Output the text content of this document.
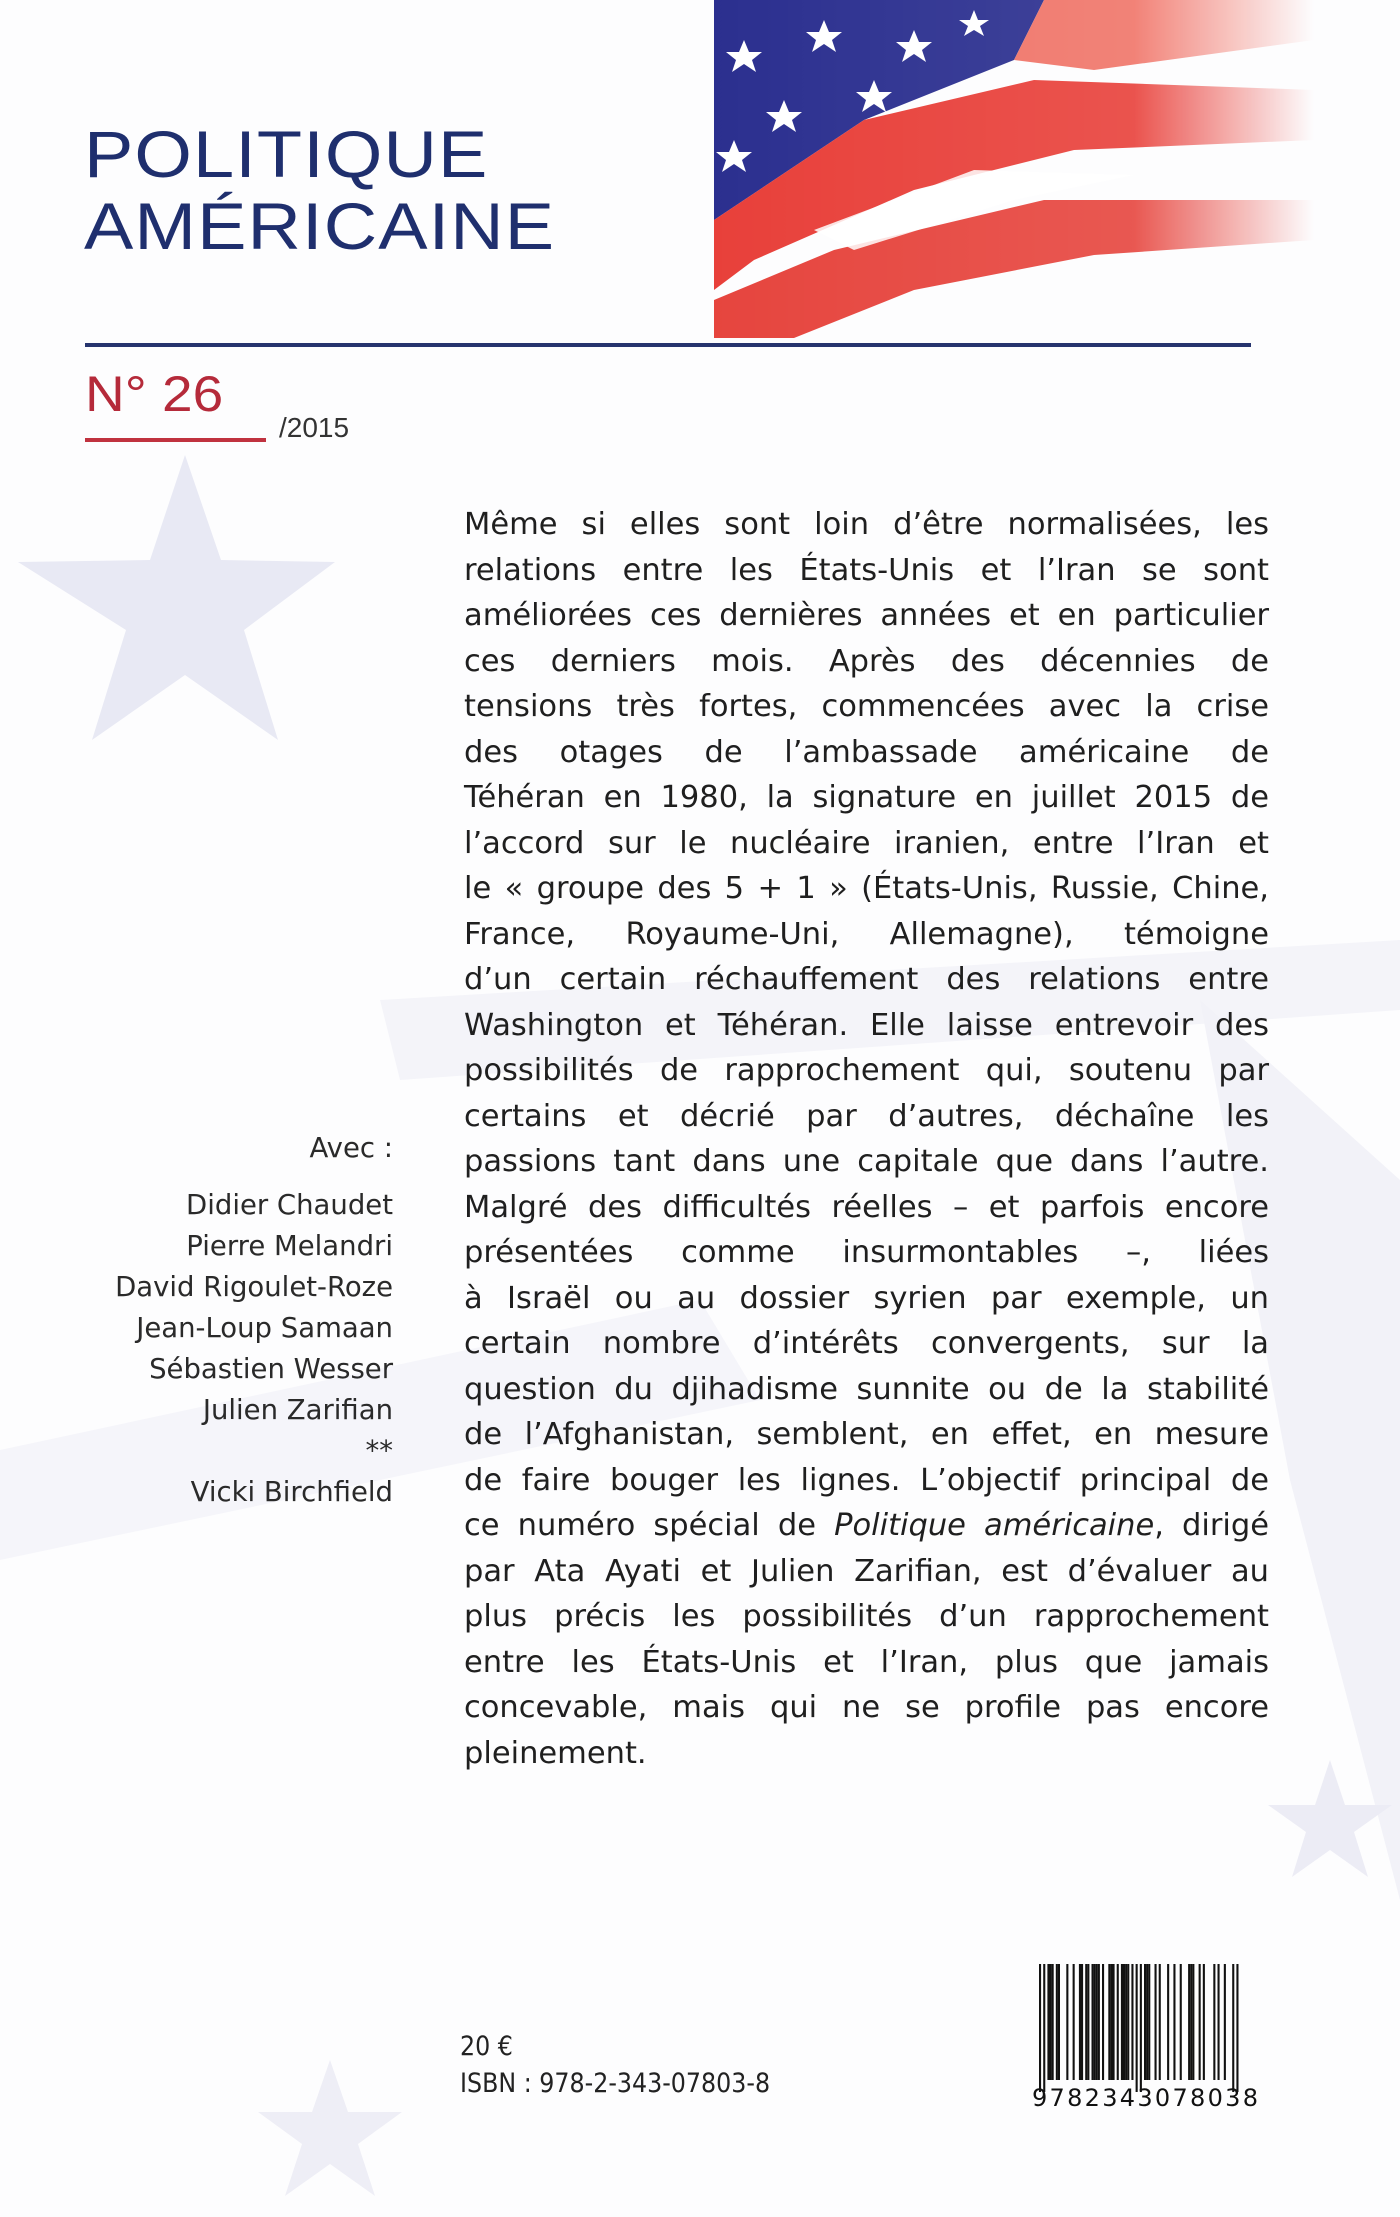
POLITIQUE
AMÉRICAINE
N° 26
/2015
Même si elles sont loin d’être normalisées, les
relations entre les États-Unis et l’Iran se sont
améliorées ces dernières années et en particulier
ces derniers mois. Après des décennies de
tensions très fortes, commencées avec la crise
des otages de l’ambassade américaine de
Téhéran en 1980, la signature en juillet 2015 de
l’accord sur le nucléaire iranien, entre l’Iran et
le « groupe des 5 + 1 » (États-Unis, Russie, Chine,
France, Royaume-Uni, Allemagne), témoigne
d’un certain réchauffement des relations entre
Washington et Téhéran. Elle laisse entrevoir des
possibilités de rapprochement qui, soutenu par
certains et décrié par d’autres, déchaîne les
passions tant dans une capitale que dans l’autre.
Malgré des difficultés réelles – et parfois encore
présentées comme insurmontables –, liées
à Israël ou au dossier syrien par exemple, un
certain nombre d’intérêts convergents, sur la
question du djihadisme sunnite ou de la stabilité
de l’Afghanistan, semblent, en effet, en mesure
de faire bouger les lignes. L’objectif principal de
ce numéro spécial de Politique américaine, dirigé
par Ata Ayati et Julien Zarifian, est d’évaluer au
plus précis les possibilités d’un rapprochement
entre les États-Unis et l’Iran, plus que jamais
concevable, mais qui ne se profile pas encore
pleinement.
Avec :
Didier Chaudet
Pierre Melandri
David Rigoulet-Roze
Jean-Loup Samaan
Sébastien Wesser
Julien Zarifian
**
Vicki Birchfield
20 €
ISBN : 978-2-343-07803-8	9782343078038
